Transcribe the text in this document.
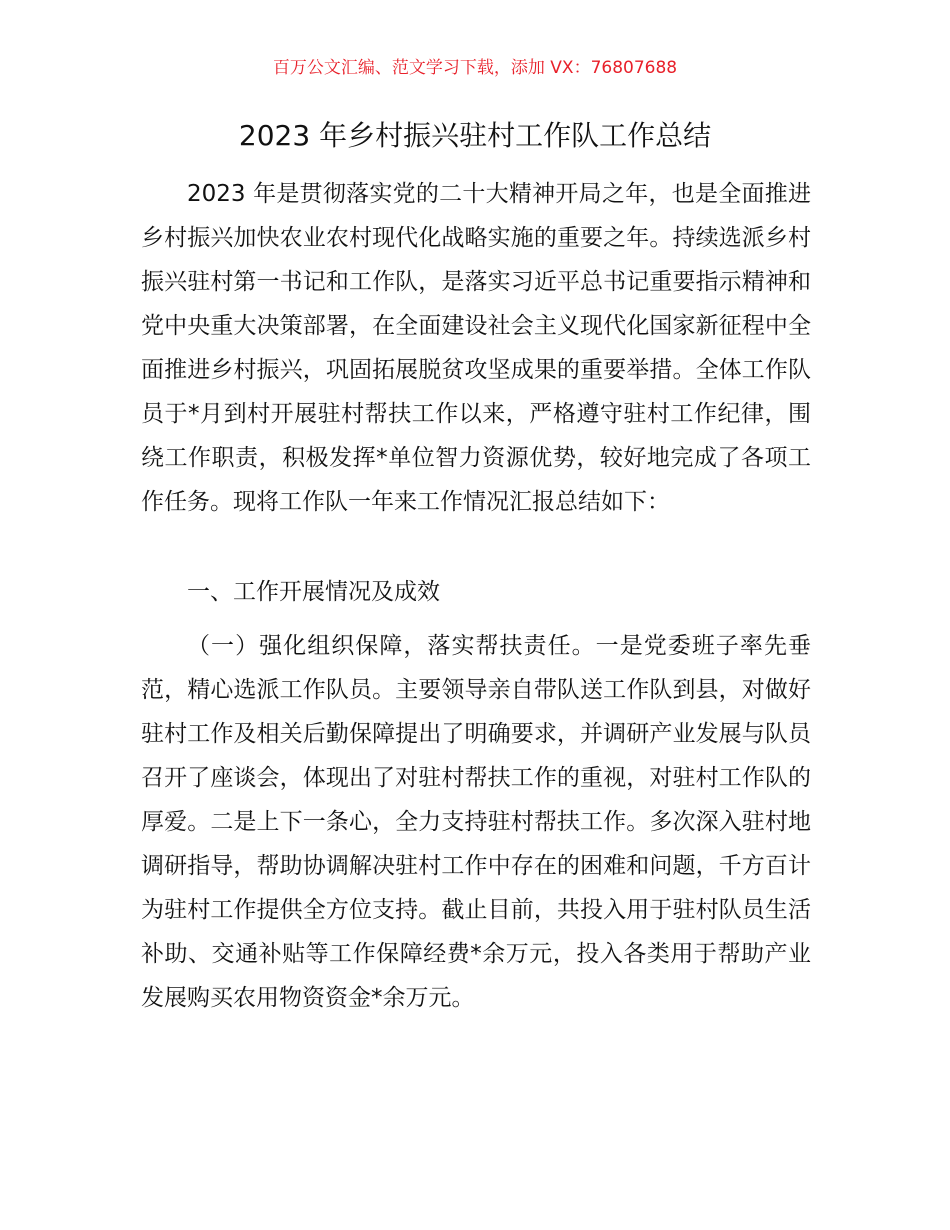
百万公文汇编、范文学习下载，添加 VX：76807688
2023 年乡村振兴驻村工作队工作总结

2023 年是贯彻落实党的二十大精神开局之年，也是全面推进乡村振兴加快农业农村现代化战略实施的重要之年。持续选派乡村振兴驻村第一书记和工作队，是落实习近平总书记重要指示精神和党中央重大决策部署，在全面建设社会主义现代化国家新征程中全面推进乡村振兴，巩固拓展脱贫攻坚成果的重要举措。全体工作队员于*月到村开展驻村帮扶工作以来，严格遵守驻村工作纪律，围绕工作职责，积极发挥*单位智力资源优势，较好地完成了各项工作任务。现将工作队一年来工作情况汇报总结如下：

一、工作开展情况及成效

（一）强化组织保障，落实帮扶责任。一是党委班子率先垂范，精心选派工作队员。主要领导亲自带队送工作队到县，对做好驻村工作及相关后勤保障提出了明确要求，并调研产业发展与队员召开了座谈会，体现出了对驻村帮扶工作的重视，对驻村工作队的厚爱。二是上下一条心，全力支持驻村帮扶工作。多次深入驻村地调研指导，帮助协调解决驻村工作中存在的困难和问题，千方百计为驻村工作提供全方位支持。截止目前，共投入用于驻村队员生活补助、交通补贴等工作保障经费*余万元，投入各类用于帮助产业发展购买农用物资资金*余万元。
